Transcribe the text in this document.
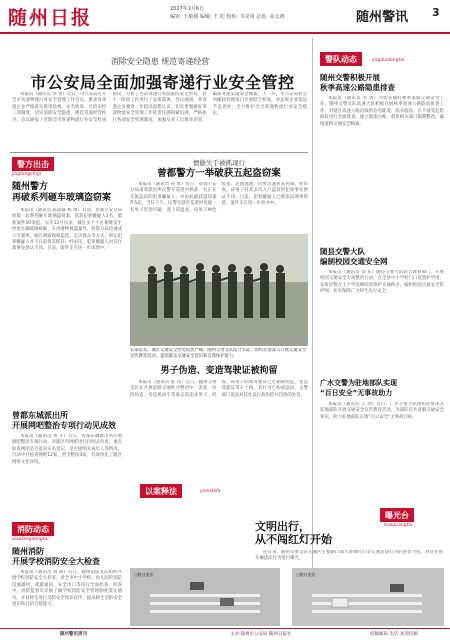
随州日报	2017年1月6日
编审: 王敏娣 编辑: 王 松 校检: 韦克用 总监: 高元鸿	随州警讯 3
消除安全隐患 规范寄递经营
市公安局全面加强寄递行业安全管控

本报讯（通讯员 李 勇）近日，市公安局召开全市寄递物流行业安全管理工作会议，要求各寄递企业严格落实收寄验视、实名收寄、过机安检三项制度，切实消除安全隐患，规范寄递经营秩序。会议通报了近期全市寄递物流行业安全检查情况，分析了当前寄递行业面临的安全形势，对下一阶段工作进行了安排部署。会议强调，各寄递企业要进一步提高思想认识，切实增强做好寄递物流安全管理工作的责任感和紧迫感，严格执行各项安全管理制度，加强从业人员教育培训，确保寄递渠道安全畅通。下一步，市公安局将会同邮政管理部门开展联合检查，对违规企业依法予以查处，全力维护全市寄递物流行业安全稳定。

警方出击
jingfangchuji
随州警方
再破系列砸车玻璃盗窃案

本报讯（通讯员 陈道森 杨 博）日前，曾都公安分局侦破一起系列砸车玻璃盗窃案，抓获犯罪嫌疑人1名，破获案件10余起。去年12月以来，城区多个小区相继发生停放车辆玻璃被砸、车内财物被盗案件。曾都分局迅速成立专案组，通过调取视频监控、走访群众等方式，锁定犯罪嫌疑人并于日前将其抓获。经审讯，犯罪嫌疑人对其作案事实供认不讳。目前，案件正在进一步审理中。

曾都东城派出所
开展网吧整治专项行动见成效

本报讯（通讯员 黄 平）近日，曾都东城派出所开展网吧整治专项行动，对辖区内网吧进行拉网式检查，重点检查网吧是否落实实名登记、是否接纳未成年人等情况。行动中共检查网吧12家，责令整改3家，有效净化了辖区网络文化环境。

消防动态
xiaofangdongtai
随州消防
开展学校消防安全大检查

本报讯（通讯员 刘 辉）近日，随州消防支队组织开展学校消防安全大检查，对全市中小学校、幼儿园的消防设施器材、疏散通道、安全出口等进行全面检查。检查中，消防监督员详细了解学校消防安全管理制度落实情况，并对师生进行消防安全知识宣传，提高师生消防安全意识和自防自救能力。

惯偷失手被抓现行
曾都警方一举破获五起盗窃案

本报讯（通讯员 孙 勇）近日，曾都公安分局南郊派出所民警在巡逻中抓获一名正在实施盗窃的犯罪嫌疑人，并由此破获盗窃案件5起。当日下午，民警在辖区巡逻时发现一名男子形迹可疑，遂上前盘查，该男子神色慌张、企图逃跑，民警迅速将其控制。经审查，该男子对其多次入户盗窃的犯罪事实供认不讳。目前，犯罪嫌疑人已被依法刑事拘留，案件正在进一步侦办中。

长期以来，城区交通安全形势依然严峻，随州交警支队结合实际，组织民警深入开展交通安全宣传教育活动，提高群众交通安全意识和自我保护能力。
男子伪造、变造驾驶证被拘留

本报讯（通讯员 张 伟）近日，随州交警支队在开展道路交通秩序整治中，查获一名持伪造、变造机动车驾驶证的违法男子。经查，该男子明知驾驶证已过期却伪造、变造驾驶证驾车上路，其行为已构成违法，交警部门依法对其处以行政拘留并罚款的处罚。

以案释法	yianshifa
警队动态	jingduidongtai
随州交警积极开展
秋季高速公路隐患排查

本报讯（通讯员 李 勇）为切实做好秋季道路交通安全工作，随州交警支队高速大队积极开展秋季高速公路隐患排查工作，对辖区高速公路沿线的急弯陡坡、临水临崖、长下坡等危险路段进行全面排查，建立隐患台账，督促相关部门限期整改，确保道路交通安全畅通。

随县交警大队
编制校园交通安全网

本报讯（通讯员 余 东）随县交警大队联合教育部门，开展校园交通安全专项整治行动，在全县中小学校门口设置护学岗，安排民警在上下学高峰时段维护交通秩序，编织校园交通安全防护网，切实保障广大师生出行安全。

广水交警为驻地部队实现
“百日安全”无事故助力

本报讯（通讯员 王 剑）近日，广水交警大队组织民警深入驻地部队开展交通安全宣传教育活动，为部队官兵讲解交通安全知识，助力驻地部队实现“百日安全”无事故目标。

曝光台
baoguangtai
文明出行，
从不闯红灯开始

连日来，随州交警支队在城区主要路口加大对闯红灯等交通违法行为的查处力度，对过往的车辆违法行为进行曝光。

○路口违法	○路口违法
随州警讯周刊	主办:随州市公安局 随州日报社	投稿邮箱 电话 欢迎投稿
